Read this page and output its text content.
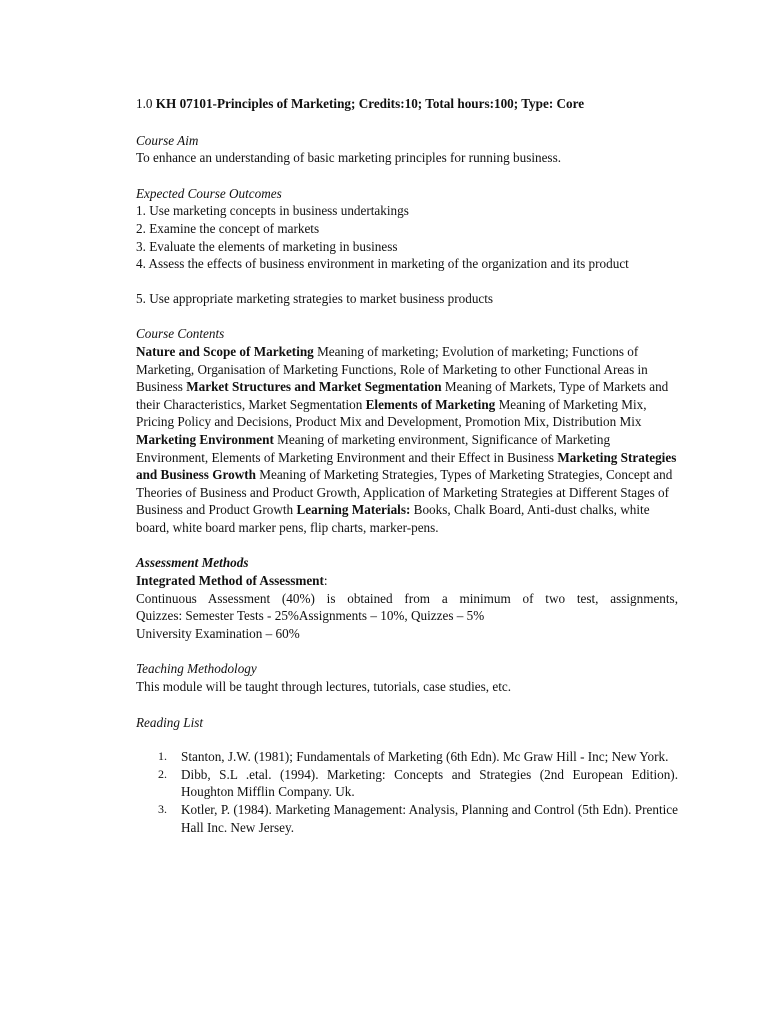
1.0 KH 07101-Principles of Marketing; Credits:10; Total hours:100; Type: Core
Course Aim

To enhance an understanding of basic marketing principles for running business.

Expected Course Outcomes

1. Use marketing concepts in business undertakings

2. Examine the concept of markets

3. Evaluate the elements of marketing in business

4. Assess the effects of business environment in marketing of the organization and its product

5. Use appropriate marketing strategies to market business products

Course Contents

Nature and Scope of Marketing Meaning of marketing; Evolution of marketing; Functions of Marketing, Organisation of Marketing Functions, Role of Marketing to other Functional Areas in Business Market Structures and Market Segmentation Meaning of Markets, Type of Markets and their Characteristics, Market Segmentation Elements of Marketing Meaning of Marketing Mix, Pricing Policy and Decisions, Product Mix and Development, Promotion Mix, Distribution Mix Marketing Environment Meaning of marketing environment, Significance of Marketing Environment, Elements of Marketing Environment and their Effect in Business Marketing Strategies and Business Growth Meaning of Marketing Strategies, Types of Marketing Strategies, Concept and Theories of Business and Product Growth, Application of Marketing Strategies at Different Stages of Business and Product Growth Learning Materials: Books, Chalk Board, Anti-dust chalks, white board, white board marker pens, flip charts, marker-pens.

Assessment Methods

Integrated Method of Assessment:

Continuous Assessment (40%) is obtained from a minimum of two test, assignments,

Quizzes: Semester Tests - 25%Assignments – 10%, Quizzes – 5%

University Examination – 60%

Teaching Methodology

This module will be taught through lectures, tutorials, case studies, etc.

Reading List
1. Stanton, J.W. (1981); Fundamentals of Marketing (6th Edn). Mc Graw Hill - Inc; New York.
2. Dibb, S.L .etal. (1994). Marketing: Concepts and Strategies (2nd European Edition). Houghton Mifflin Company. Uk.
3. Kotler, P. (1984). Marketing Management: Analysis, Planning and Control (5th Edn). Prentice Hall Inc. New Jersey.
